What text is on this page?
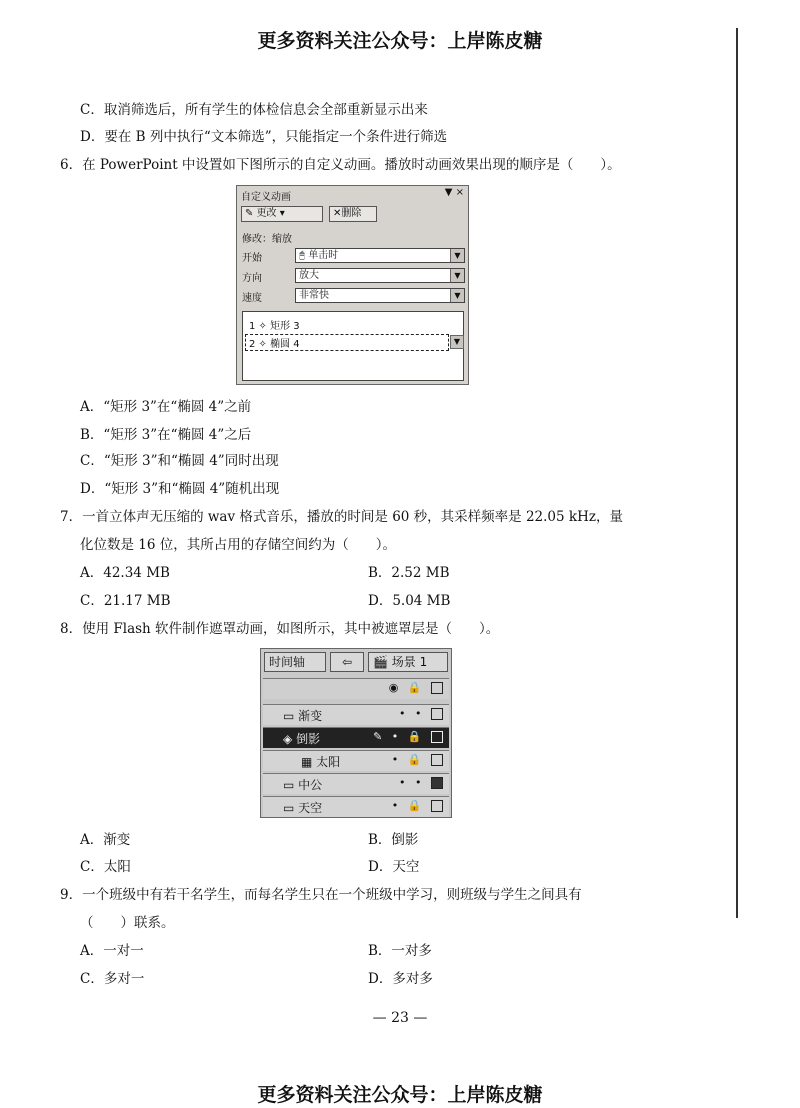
更多资料关注公众号：上岸陈皮糖
C．取消筛选后，所有学生的体检信息会全部重新显示出来
D．要在 B 列中执行“文本筛选”，只能指定一个条件进行筛选
6．在 PowerPoint 中设置如下图所示的自定义动画。播放时动画效果出现的顺序是（　　）。
自定义动画	▼ ×
✎ 更改 ▾	✕删除
修改：缩放
开始	🖰 单击时	▼
方向	放大	▼
速度	非常快	▼
1 ✧ 矩形 3
2 ✧ 椭圆 4	▼
A．“矩形 3”在“椭圆 4”之前
B．“矩形 3”在“椭圆 4”之后
C．“矩形 3”和“椭圆 4”同时出现
D．“矩形 3”和“椭圆 4”随机出现
7．一首立体声无压缩的 wav 格式音乐，播放的时间是 60 秒，其采样频率是 22.05 kHz，量
化位数是 16 位，其所占用的存储空间约为（　　）。
A．42.34 MB	B．2.52 MB
C．21.17 MB	D．5.04 MB
8．使用 Flash 软件制作遮罩动画，如图所示，其中被遮罩层是（　　）。
时间轴	⇦	🎬 场景 1
◉ 🔒
▭ 渐变	• •
◈ 倒影	✎ • 🔒
▦ 太阳	• 🔒
▭ 中公	• •
▭ 天空	• 🔒
A．渐变	B．倒影
C．太阳	D．天空
9．一个班级中有若干名学生，而每名学生只在一个班级中学习，则班级与学生之间具有
（　　）联系。
A．一对一	B．一对多
C．多对一	D．多对多
— 23 —
更多资料关注公众号：上岸陈皮糖
